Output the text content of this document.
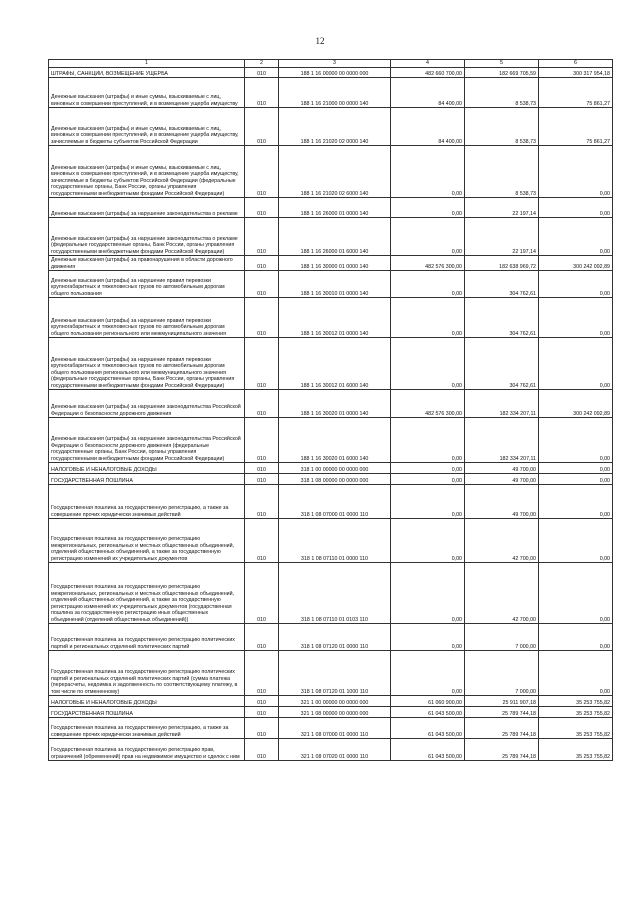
12
1	2	3	4	5	6
ШТРАФЫ, САНКЦИИ, ВОЗМЕЩЕНИЕ УЩЕРБА	010	188 1 16 00000 00 0000 000	482 660 700,00	182 669 705,59	300 317 954,18
Денежные взыскания (штрафы) и иные суммы, взыскиваемые с лиц, виновных в совершении преступлений, и в возмещение ущерба имуществу	010	188 1 16 21000 00 0000 140	84 400,00	8 538,73	75 861,27
Денежные взыскания (штрафы) и иные суммы, взыскиваемые с лиц, виновных в совершении преступлений, и в возмещение ущерба имуществу, зачисляемые в бюджеты субъектов Российской Федерации	010	188 1 16 21020 02 0000 140	84 400,00	8 538,73	75 861,27
Денежные взыскания (штрафы) и иные суммы, взыскиваемые с лиц, виновных в совершении преступлений, и в возмещение ущерба имуществу, зачисляемые в бюджеты субъектов Российской Федерации (федеральные государственные органы, Банк России, органы управления государственными внебюджетными фондами Российской Федерации)	010	188 1 16 21020 02 6000 140	0,00	8 538,73	0,00
Денежные взыскания (штрафы) за нарушение законодательства о рекламе	010	188 1 16 26000 01 0000 140	0,00	22 197,14	0,00
Денежные взыскания (штрафы) за нарушение законодательства о рекламе (федеральные государственные органы, Банк России, органы управления государственными внебюджетными фондами Российской Федерации)	010	188 1 16 26000 01 6000 140	0,00	22 197,14	0,00
Денежные взыскания (штрафы) за правонарушения в области дорожного движения	010	188 1 16 30000 01 0000 140	482 576 300,00	182 638 969,72	300 242 092,89
Денежные взыскания (штрафы) за нарушение правил перевозки крупногабаритных и тяжеловесных грузов по автомобильным дорогам общего пользования	010	188 1 16 30010 01 0000 140	0,00	304 762,61	0,00
Денежные взыскания (штрафы) за нарушение правил перевозки крупногабаритных и тяжеловесных грузов по автомобильным дорогам общего пользования регионального или межмуниципального значения	010	188 1 16 30012 01 0000 140	0,00	304 762,61	0,00
Денежные взыскания (штрафы) за нарушение правил перевозки крупногабаритных и тяжеловесных грузов по автомобильным дорогам общего пользования регионального или межмуниципального значения (федеральные государственные органы, Банк России, органы управления государственными внебюджетными фондами Российской Федерации)	010	188 1 16 30012 01 6000 140	0,00	304 762,61	0,00
Денежные взыскания (штрафы) за нарушение законодательства Российской Федерации о безопасности дорожного движения	010	188 1 16 30020 01 0000 140	482 576 300,00	182 334 207,11	300 242 092,89
Денежные взыскания (штрафы) за нарушение законодательства Российской Федерации о безопасности дорожного движения (федеральные государственные органы, Банк России, органы управления государственными внебюджетными фондами Российской Федерации)	010	188 1 16 30020 01 6000 140	0,00	182 334 207,11	0,00
НАЛОГОВЫЕ И НЕНАЛОГОВЫЕ ДОХОДЫ	010	318 1 00 00000 00 0000 000	0,00	49 700,00	0,00
ГОСУДАРСТВЕННАЯ ПОШЛИНА	010	318 1 08 00000 00 0000 000	0,00	49 700,00	0,00
Государственная пошлина за государственную регистрацию, а также за совершение прочих юридически значимых действий	010	318 1 08 07000 01 0000 110	0,00	49 700,00	0,00
Государственная пошлина за государственную регистрацию межрегиональных, региональных и местных общественных объединений, отделений общественных объединений, а также за государственную регистрацию изменений их учредительных документов	010	318 1 08 07110 01 0000 110	0,00	42 700,00	0,00
Государственная пошлина за государственную регистрацию межрегиональных, региональных и местных общественных объединений, отделений общественных объединений, а также за государственную регистрацию изменений их учредительных документов (государственная пошлина за государственную регистрацию иных общественных объединений (отделений общественных объединений))	010	318 1 08 07110 01 0103 110	0,00	42 700,00	0,00
Государственная пошлина за государственную регистрацию политических партий и региональных отделений политических партий	010	318 1 08 07120 01 0000 110	0,00	7 000,00	0,00
Государственная пошлина за государственную регистрацию политических партий и региональных отделений политических партий (сумма платежа (перерасчеты, недоимка и задолженность по соответствующему платежу, в том числе по отмененному)	010	318 1 08 07120 01 1000 110	0,00	7 000,00	0,00
НАЛОГОВЫЕ И НЕНАЛОГОВЫЕ ДОХОДЫ	010	321 1 00 00000 00 0000 000	61 060 900,00	25 911 907,18	35 253 755,82
ГОСУДАРСТВЕННАЯ ПОШЛИНА	010	321 1 08 00000 00 0000 000	61 043 500,00	25 789 744,18	35 253 755,82
Государственная пошлина за государственную регистрацию, а также за совершение прочих юридически значимых действий	010	321 1 08 07000 01 0000 110	61 043 500,00	25 789 744,18	35 253 755,82
Государственная пошлина за государственную регистрацию прав, ограничений (обременений) прав на недвижимое имущество и сделок с ним	010	321 1 08 07020 01 0000 110	61 043 500,00	25 789 744,18	35 253 755,82
